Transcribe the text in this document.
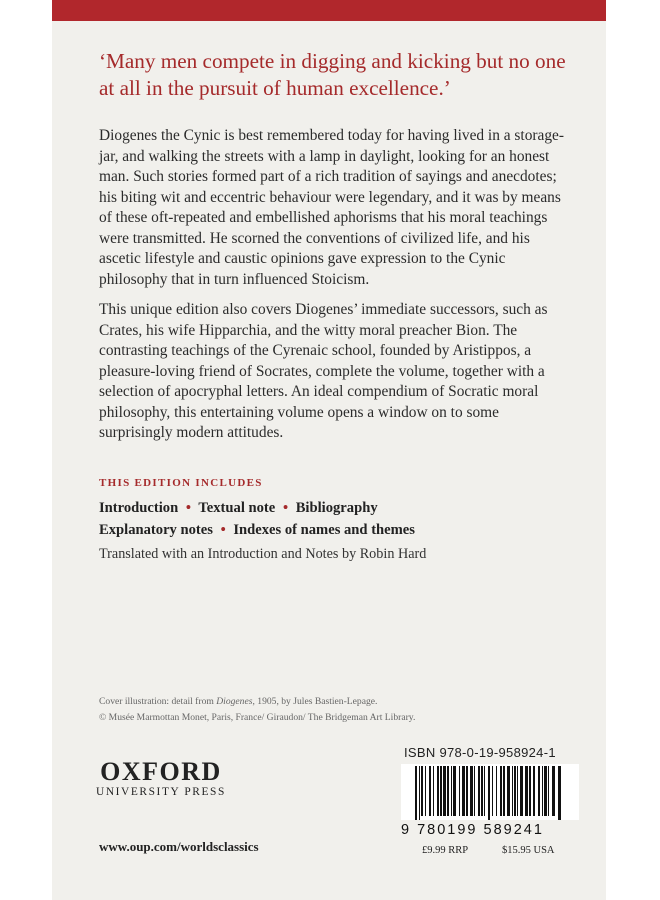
‘Many men compete in digging and kicking but no one at all in the pursuit of human excellence.’

Diogenes the Cynic is best remembered today for having lived in a storage-jar, and walking the streets with a lamp in daylight, looking for an honest man. Such stories formed part of a rich tradition of sayings and anecdotes; his biting wit and eccentric behaviour were legendary, and it was by means of these oft-repeated and embellished aphorisms that his moral teachings were transmitted. He scorned the conventions of civilized life, and his ascetic lifestyle and caustic opinions gave expression to the Cynic philosophy that in turn influenced Stoicism.

This unique edition also covers Diogenes’ immediate successors, such as Crates, his wife Hipparchia, and the witty moral preacher Bion. The contrasting teachings of the Cyrenaic school, founded by Aristippos, a pleasure-loving friend of Socrates, complete the volume, together with a selection of apocryphal letters. An ideal compendium of Socratic moral philosophy, this entertaining volume opens a window on to some surprisingly modern attitudes.

THIS EDITION INCLUDES
Introduction • Textual note • Bibliography
Explanatory notes • Indexes of names and themes
Translated with an Introduction and Notes by Robin Hard
Cover illustration: detail from Diogenes, 1905, by Jules Bastien-Lepage.
© Musée Marmottan Monet, Paris, France/ Giraudon/ The Bridgeman Art Library.
OXFORD
UNIVERSITY PRESS
www.oup.com/worldsclassics
ISBN 978-0-19-958924-1
9 780199 589241
£9.99 RRP	$15.95 USA
